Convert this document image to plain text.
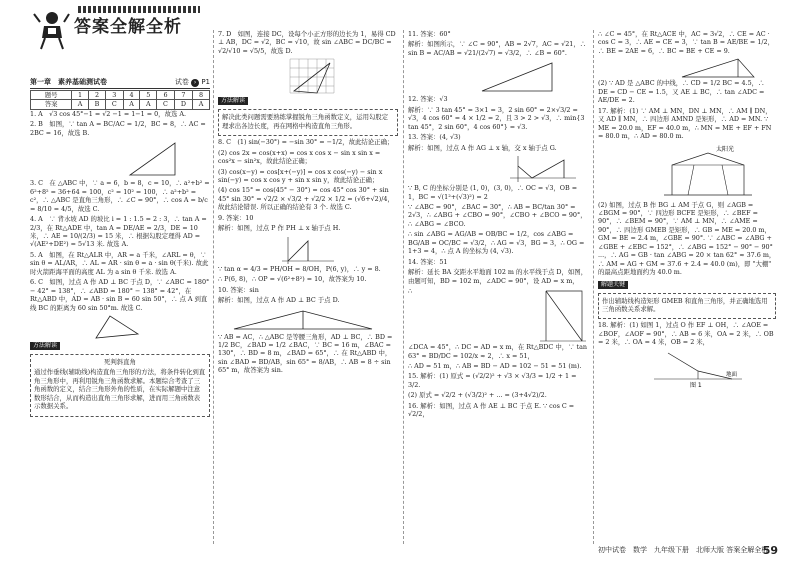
答案全解全析
第一章　素养基础测试卷	试卷 › P1
题号	1	2	3	4	5	6	7	8
答案	A	B	C	A	A	C	D	A

1. A　√3 cos 45°−1 = √2 −1 = 1−1 = 0，故选 A.

2. B　如图，∵ tan A = BC/AC = 1/2，BC = 8，∴ AC = 2BC = 16，故选 B.

3. C　在 △ABC 中，∵ a = 6，b = 8，c = 10，∴ a²+b² = 6²+8² = 36+64 = 100，c² = 10² = 100，∴ a²+b² = c²，∴ △ABC 是直角三角形，∴ ∠C = 90°，∴ cos A = b/c = 8/10 = 4/5，故选 C.

4. A　∵ 背水坡 AD 的坡比 i = 1 : 1.5 = 2 : 3，∴ tan A = 2/3，在 Rt△ADE 中，tan A = DE/AE = 2/3，DE = 10 米，∴ AE = 10/(2/3) = 15 米，∴ 根据勾股定理得 AD = √(AE²+DE²) = 5√13 米. 故选 A.

5. A　如图，在 Rt△ALR 中，AR = a 千米，∠ARL = θ，∵ sin θ = AL/AR，∴ AL = AR · sin θ = a · sin θ(千米). 故此时火箭距海平面的高度 AL 为 a sin θ 千米. 故选 A.

6. C　如图，过点 A 作 AD ⊥ BC 于点 D，∵ ∠ABC = 180° − 42° = 138°，∴ ∠ABD = 180° − 138° = 42°，在 Rt△ABD 中，AD = AB · sin B = 60 sin 50°，∴ 点 A 到直线 BC 的距离为 60 sin 50°m. 故选 C.

方法解读

死判斜直角

通过作垂线(辅助线)构造直角三角形的方法，将条件转化到直角三角形中，再利用锐角三角函数求解。本题综合考查了三角函数的定义，结合三角形外角的性质，在实际解题中注意数形结合，从而构造出直角三角形求解，进而用三角函数表示数据关系。

7. D　如图，连接 DC，设每个小正方形的边长为 1，易得 CD ⊥ AB，DC = √2，BC = √10，故 sin ∠ABC = DC/BC = √2/√10 = √5/5，故选 D.

方法解读

解决此类问题需要熟练掌握锐角三角函数定义，运用勾股定理求出各边长度，再在网格中构造直角三角形。

8. C　(1) sin(−30°) = −sin 30° = −1/2，故此结论正确；

(2) cos 2x = cos(x+x) = cos x cos x − sin x sin x = cos²x − sin²x，故此结论正确；

(3) cos(x−y) = cos[x+(−y)] = cos x cos(−y) − sin x sin(−y) = cos x cos y + sin x sin y，故此结论正确；

(4) cos 15° = cos(45° − 30°) = cos 45° cos 30° + sin 45° sin 30° = √2/2 × √3/2 + √2/2 × 1/2 = (√6+√2)/4，故此结论错误. 所以正确的结论有 3 个. 故选 C.

9. 答案：10

解析：如图，过点 P 作 PH ⊥ x 轴于点 H.

∵ tan α = 4/3 = PH/OH = 8/OH，P(6, y)，∴ y = 8.

∴ P(6, 8)，∴ OP = √(6²+8²) = 10，故答案为 10.

10. 答案：sin

解析：如图，过点 A 作 AD ⊥ BC 于点 D.

∵ AB = AC，∴ △ABC 是等腰三角形，AD ⊥ BC，∴ BD = 1/2 BC，∠BAD = 1/2 ∠BAC，∵ BC = 16 m，∠BAC = 130°，∴ BD = 8 m，∠BAD = 65°，∴ 在 Rt△ABD 中，sin ∠BAD = BD/AB，sin 65° = 8/AB，∴ AB = 8 ÷ sin 65° m，故答案为 sin.

11. 答案：60°

解析：如图所示，∵ ∠C = 90°，AB = 2√7，AC = √21，∴ sin B = AC/AB = √21/(2√7) = √3/2，∴ ∠B = 60°.

12. 答案：√3

解析：∵ 3 tan 45° = 3×1 = 3，2 sin 60° = 2×√3/2 = √3，4 cos 60° = 4 × 1/2 = 2，且 3 > 2 > √3，∴ min{3 tan 45°，2 sin 60°，4 cos 60°} = √3.

13. 答案：(4, √3)

解析：如图，过点 A 作 AG ⊥ x 轴，交 x 轴于点 G.

∵ B, C 的坐标分别是 (1, 0)，(3, 0)，∴ OC = √3，OB = 1，BC = √(1²+(√3)²) = 2

∵ ∠ABC = 90°，∠BAC = 30°，∴ AB = BC/tan 30° = 2√3，∴ ∠ABG + ∠CBO = 90°，∠CBO + ∠BCO = 90°，∴ ∠ABG = ∠BCO.

∴ sin ∠ABG = AG/AB = OB/BC = 1/2，cos ∠ABG = BG/AB = OC/BC = √3/2，∴ AG = √3，BG = 3，∴ OG = 1+3 = 4，∴ 点 A 的坐标为 (4, √3).

14. 答案：51

解析：延长 BA 交距水平地面 102 m 的水平线于点 D，如图，由题可知，BD = 102 m，∠ADC = 90°，设 AD = x m，

∴ ∠DCA = 45°，∴ DC = AD = x m，在 Rt△BDC 中，∵ tan 63° ≈ BD/DC = 102/x ≈ 2，∴ x = 51，

∴ AD = 51 m，∴ AB = BD − AD = 102 − 51 = 51 (m).

15. 解析：(1) 原式 = (√2/2)² + √3 × √3/3 = 1/2 + 1 = 3/2.

(2) 原式 = √2/2 + (√3/2)² + ... = (3+4√2)/2.

16. 解析：如图，过点 A 作 AE ⊥ BC 于点 E. ∵ cos C = √2/2，

∴ ∠C = 45°，在 Rt△ACE 中，AC = 3√2，∴ CE = AC · cos C = 3，∴ AE = CE = 3，∵ tan B = AE/BE = 1/2，∴ BE = 2AE = 6，∴ BC = BE + CE = 9.

(2) ∵ AD 是 △ABC 的中线，∴ CD = 1/2 BC = 4.5，∴ DE = CD − CE = 1.5，又 AE ⊥ BC，∴ tan ∠ADC = AE/DE = 2.

17. 解析：(1) ∵ AM ⊥ MN，DN ⊥ MN，∴ AM ∥ DN，又 AD ∥ MN，∴ 四边形 AMND 是矩形，∴ AD = MN. ∵ ME = 20.0 m，EF = 40.0 m，∴ MN = ME + EF + FN = 80.0 m，∴ AD = 80.0 m.

太阳光

(2) 如图，过点 B 作 BG ⊥ AM 于点 G，则 ∠AGB = ∠BGM = 90°，∵ 四边形 BCFE 是矩形，∴ ∠BEF = 90°，∴ ∠BEM = 90°，∵ AM ⊥ MN，∴ ∠AME = 90°，∴ 四边形 GMEB 是矩形，∴ GB = ME = 20.0 m，GM = BE = 2.4 m，∠GBE = 90°. ∵ ∠ABC = ∠ABG + ∠GBE + ∠EBC = 152°，∴ ∠ABG = 152° − 90° − 90° ...，∴ AG = GB · tan ∠ABG = 20 × tan 62° ≈ 37.6 m，∴ AM = AG + GM ≈ 37.6 + 2.4 = 40.0 (m)，即 "大棚" 的最高点距地面约为 40.0 m.

解题关键

作出辅助线构造矩形 GMEB 和直角三角形，并正确地选用三角函数关系求解。

18. 解析：(1) 如图 1，过点 O 作 EF ⊥ OH，∴ ∠AOE = ∠BOF，∠AOF = 90°，∴ AB = 6 米，OA = 2 米，∴ OB = 2 米，∴ OA = 4 米，OB = 2 米，

地面
图 1
初中试卷　数学　九年级下册　北师大版 答案全解全析
59
